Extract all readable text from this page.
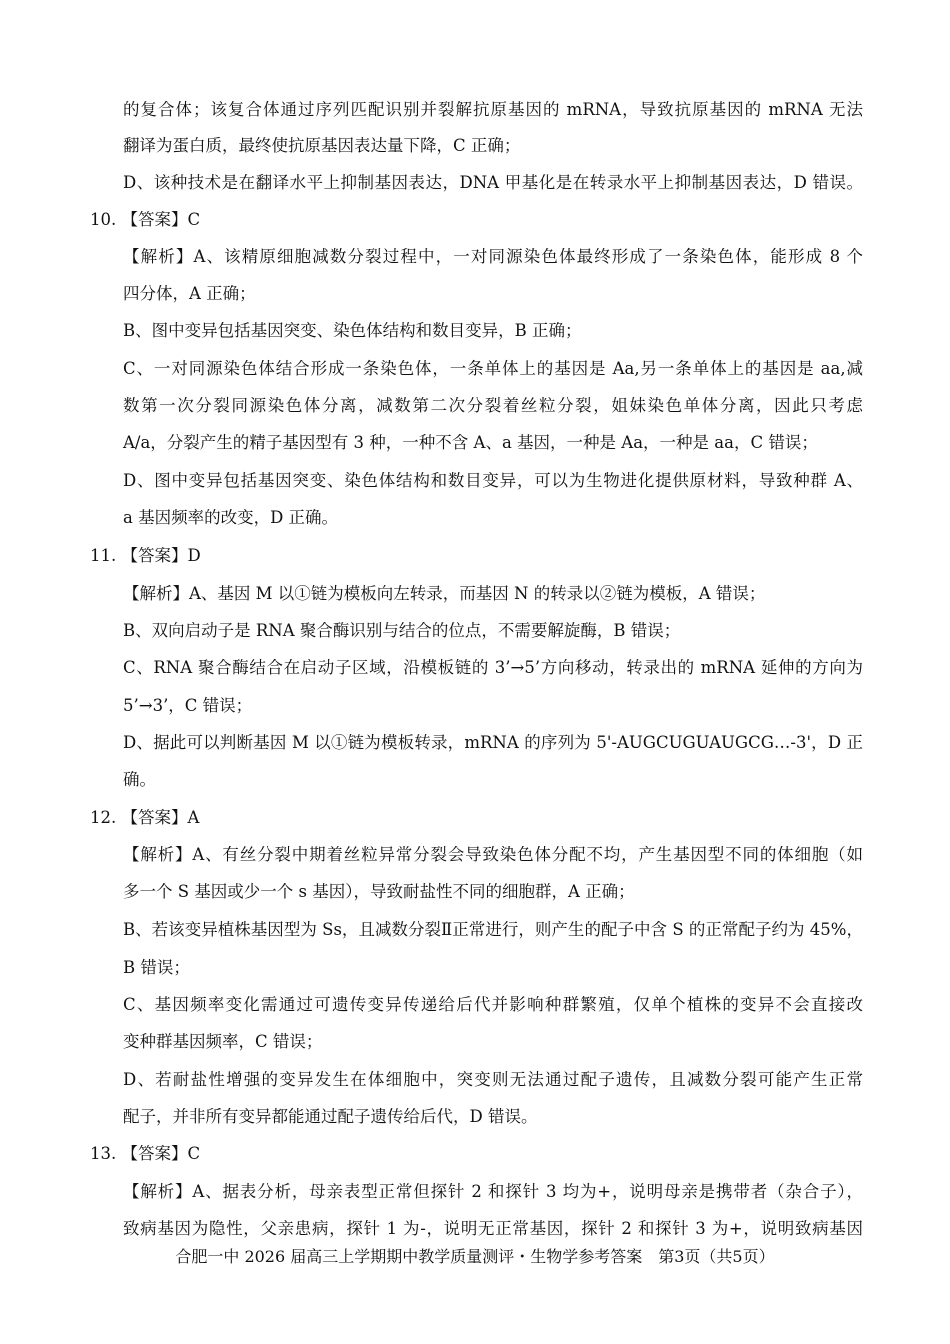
的复合体；该复合体通过序列匹配识别并裂解抗原基因的 mRNA，导致抗原基因的 mRNA 无法
翻译为蛋白质，最终使抗原基因表达量下降，C 正确；
D、该种技术是在翻译水平上抑制基因表达，DNA 甲基化是在转录水平上抑制基因表达，D 错误。
10. 【答案】C
【解析】A、该精原细胞减数分裂过程中，一对同源染色体最终形成了一条染色体，能形成 8 个
四分体，A 正确；
B、图中变异包括基因突变、染色体结构和数目变异，B 正确；
C、一对同源染色体结合形成一条染色体，一条单体上的基因是 Aa,另一条单体上的基因是 aa,减
数第一次分裂同源染色体分离，减数第二次分裂着丝粒分裂，姐妹染色单体分离，因此只考虑
A/a，分裂产生的精子基因型有 3 种，一种不含 A、a 基因，一种是 Aa，一种是 aa，C 错误；
D、图中变异包括基因突变、染色体结构和数目变异，可以为生物进化提供原材料，导致种群 A、
a 基因频率的改变，D 正确。
11. 【答案】D
【解析】A、基因 M 以①链为模板向左转录，而基因 N 的转录以②链为模板，A 错误；
B、双向启动子是 RNA 聚合酶识别与结合的位点，不需要解旋酶，B 错误；
C、RNA 聚合酶结合在启动子区域，沿模板链的 3’→5’方向移动，转录出的 mRNA 延伸的方向为
5’→3’，C 错误；
D、据此可以判断基因 M 以①链为模板转录，mRNA 的序列为 5'-AUGCUGUAUGCG…-3'，D 正
确。
12. 【答案】A
【解析】A、有丝分裂中期着丝粒异常分裂会导致染色体分配不均，产生基因型不同的体细胞（如
多一个 S 基因或少一个 s 基因），导致耐盐性不同的细胞群，A 正确；
B、若该变异植株基因型为 Ss，且减数分裂Ⅱ正常进行，则产生的配子中含 S 的正常配子约为 45%，
B 错误；
C、基因频率变化需通过可遗传变异传递给后代并影响种群繁殖，仅单个植株的变异不会直接改
变种群基因频率，C 错误；
D、若耐盐性增强的变异发生在体细胞中，突变则无法通过配子遗传，且减数分裂可能产生正常
配子，并非所有变异都能通过配子遗传给后代，D 错误。
13. 【答案】C
【解析】A、据表分析，母亲表型正常但探针 2 和探针 3 均为+，说明母亲是携带者（杂合子），
致病基因为隐性，父亲患病，探针 1 为-，说明无正常基因，探针 2 和探针 3 为+，说明致病基因
合肥一中 2026 届高三上学期期中教学质量测评・生物学参考答案　第3页（共5页）
